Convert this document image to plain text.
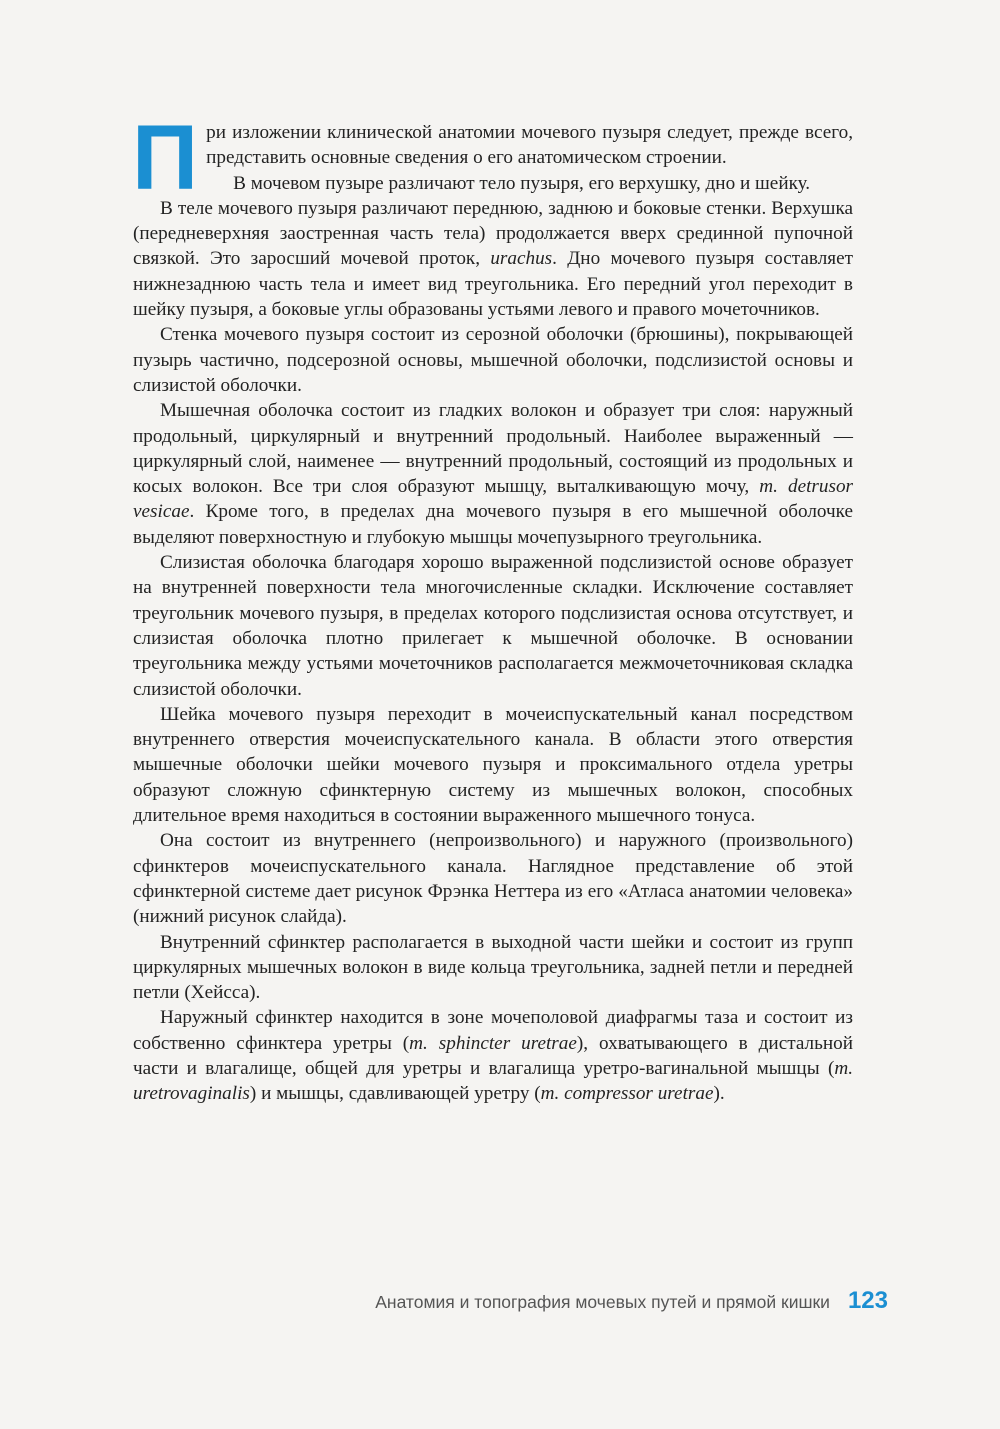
При изложении клинической анатомии мочевого пузыря следует, прежде всего, представить основные сведения о его анатомическом строении.

В мочевом пузыре различают тело пузыря, его верхушку, дно и шейку.

В теле мочевого пузыря различают переднюю, заднюю и боковые стенки. Верхушка (передневерхняя заостренная часть тела) продолжается вверх срединной пупочной связкой. Это заросший мочевой проток, urachus. Дно мочевого пузыря составляет нижнезаднюю часть тела и имеет вид треугольника. Его передний угол переходит в шейку пузыря, а боковые углы образованы устьями левого и правого мочеточников.

Стенка мочевого пузыря состоит из серозной оболочки (брюшины), покрывающей пузырь частично, подсерозной основы, мышечной оболочки, подслизистой основы и слизистой оболочки.

Мышечная оболочка состоит из гладких волокон и образует три слоя: наружный продольный, циркулярный и внутренний продольный. Наиболее выраженный — циркулярный слой, наименее — внутренний продольный, состоящий из продольных и косых волокон. Все три слоя образуют мышцу, выталкивающую мочу, m. detrusor vesicae. Кроме того, в пределах дна мочевого пузыря в его мышечной оболочке выделяют поверхностную и глубокую мышцы мочепузырного треугольника.

Слизистая оболочка благодаря хорошо выраженной подслизистой основе образует на внутренней поверхности тела многочисленные складки. Исключение составляет треугольник мочевого пузыря, в пределах которого подслизистая основа отсутствует, и слизистая оболочка плотно прилегает к мышечной оболочке. В основании треугольника между устьями мочеточников располагается межмочеточниковая складка слизистой оболочки.

Шейка мочевого пузыря переходит в мочеиспускательный канал посредством внутреннего отверстия мочеиспускательного канала. В области этого отверстия мышечные оболочки шейки мочевого пузыря и проксимального отдела уретры образуют сложную сфинктерную систему из мышечных волокон, способных длительное время находиться в состоянии выраженного мышечного тонуса.

Она состоит из внутреннего (непроизвольного) и наружного (произвольного) сфинктеров мочеиспускательного канала. Наглядное представление об этой сфинктерной системе дает рисунок Фрэнка Неттера из его «Атласа анатомии человека» (нижний рисунок слайда).

Внутренний сфинктер располагается в выходной части шейки и состоит из групп циркулярных мышечных волокон в виде кольца треугольника, задней петли и передней петли (Хейсса).

Наружный сфинктер находится в зоне мочеполовой диафрагмы таза и состоит из собственно сфинктера уретры (m. sphincter uretrae), охватывающего в дистальной части и влагалище, общей для уретры и влагалища уретро-вагинальной мышцы (m. uretrovaginalis) и мышцы, сдавливающей уретру (m. compressor uretrae).

Анатомия и топография мочевых путей и прямой кишки 123
